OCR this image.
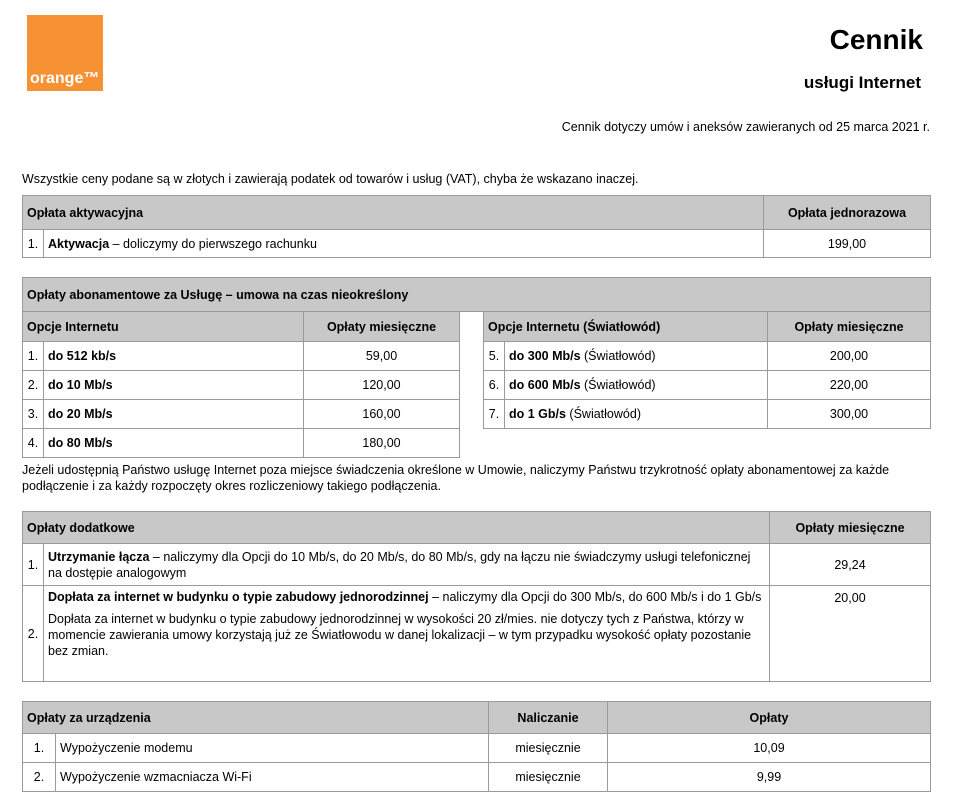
orange™
Cennik
usługi Internet
Cennik dotyczy umów i aneksów zawieranych od 25 marca 2021 r.
Wszystkie ceny podane są w złotych i zawierają podatek od towarów i usług (VAT), chyba że wskazano inaczej.
Opłata aktywacyjna		Opłata jednorazowa
1.	Aktywacja – doliczymy do pierwszego rachunku	199,00
Opłaty abonamentowe za Usługę – umowa na czas nieokreślony
Opcje Internetu		Opłaty miesięczne
1.	do 512 kb/s	59,00
2.	do 10 Mb/s	120,00
3.	do 20 Mb/s	160,00
4.	do 80 Mb/s	180,00
Opcje Internetu (Światłowód)		Opłaty miesięczne
5.	do 300 Mb/s (Światłowód)	200,00
6.	do 600 Mb/s (Światłowód)	220,00
7.	do 1 Gb/s (Światłowód)	300,00
Jeżeli udostępnią Państwo usługę Internet poza miejsce świadczenia określone w Umowie, naliczymy Państwu trzykrotność opłaty abonamentowej za każde podłączenie i za każdy rozpoczęty okres rozliczeniowy takiego podłączenia.
Opłaty dodatkowe		Opłaty miesięczne
1.	Utrzymanie łącza – naliczymy dla Opcji do 10 Mb/s, do 20 Mb/s, do 80 Mb/s, gdy na łączu nie świadczymy usługi telefonicznej na dostępie analogowym	29,24
2.	Dopłata za internet w budynku o typie zabudowy jednorodzinnej – naliczymy dla Opcji do 300 Mb/s, do 600 Mb/s i do 1 Gb/s
Dopłata za internet w budynku o typie zabudowy jednorodzinnej w wysokości 20 zł/mies. nie dotyczy tych z Państwa, którzy w momencie zawierania umowy korzystają już ze Światłowodu w danej lokalizacji – w tym przypadku wysokość opłaty pozostanie bez zmian.	20,00
Opłaty za urządzenia		Naliczanie	Opłaty
1.	Wypożyczenie modemu	miesięcznie	10,09
2.	Wypożyczenie wzmacniacza Wi-Fi	miesięcznie	9,99
